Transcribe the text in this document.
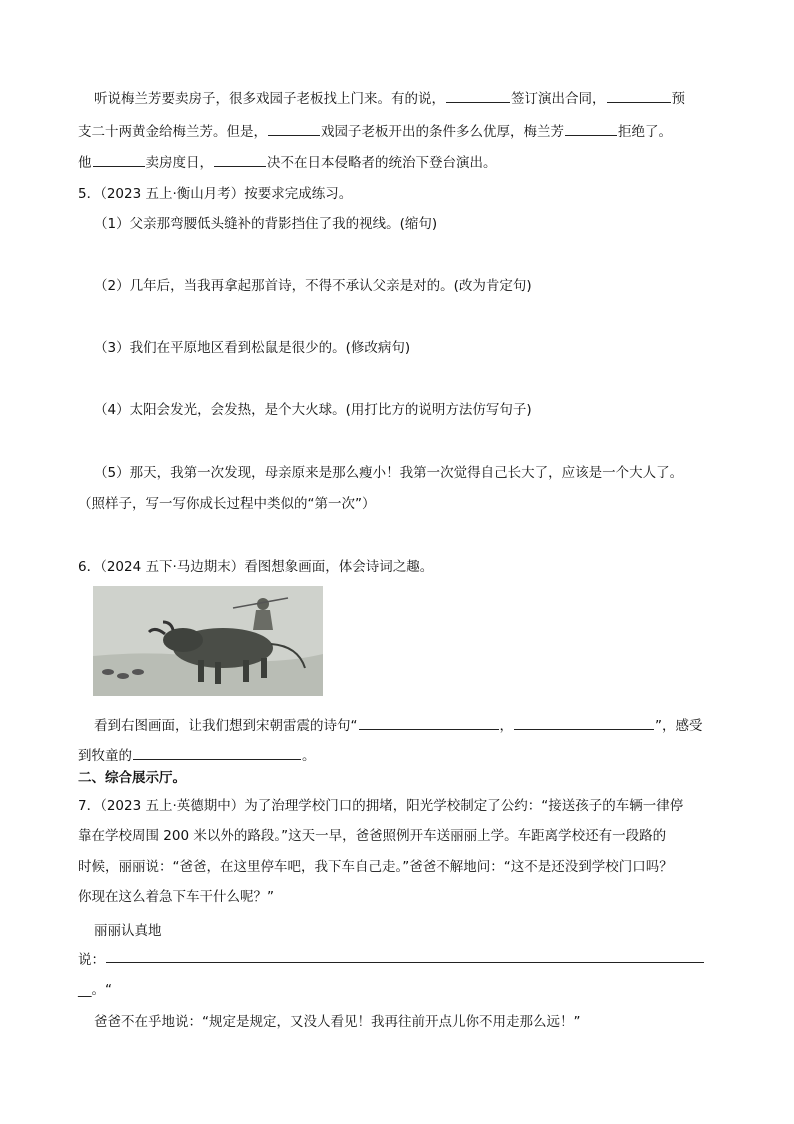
听说梅兰芳要卖房子，很多戏园子老板找上门来。有的说，	签订演出合同，	预
支二十两黄金给梅兰芳。但是，	戏园子老板开出的条件多么优厚，梅兰芳	拒绝了。
他	卖房度日，	决不在日本侵略者的统治下登台演出。
5．（2023 五上·衡山月考）按要求完成练习。
（1）父亲那弯腰低头缝补的背影挡住了我的视线。(缩句)
（2）几年后，当我再拿起那首诗，不得不承认父亲是对的。(改为肯定句)
（3）我们在平原地区看到松鼠是很少的。(修改病句)
（4）太阳会发光，会发热，是个大火球。(用打比方的说明方法仿写句子)
（5）那天，我第一次发现，母亲原来是那么瘦小！我第一次觉得自己长大了，应该是一个大人了。
（照样子，写一写你成长过程中类似的“第一次”）
6．（2024 五下·马边期末）看图想象画面，体会诗词之趣。
看到右图画面，让我们想到宋朝雷震的诗句“	，	”，感受
到牧童的	。
二、综合展示厅。
7．（2023 五上·英德期中）为了治理学校门口的拥堵，阳光学校制定了公约：“接送孩子的车辆一律停
靠在学校周围 200 米以外的路段。”这天一早，爸爸照例开车送丽丽上学。车距离学校还有一段路的
时候，丽丽说：“爸爸，在这里停车吧，我下车自己走。”爸爸不解地问：“这不是还没到学校门口吗？
你现在这么着急下车干什么呢？”
丽丽认真地
说：
__。“
爸爸不在乎地说：“规定是规定，又没人看见！我再往前开点儿你不用走那么远！”
